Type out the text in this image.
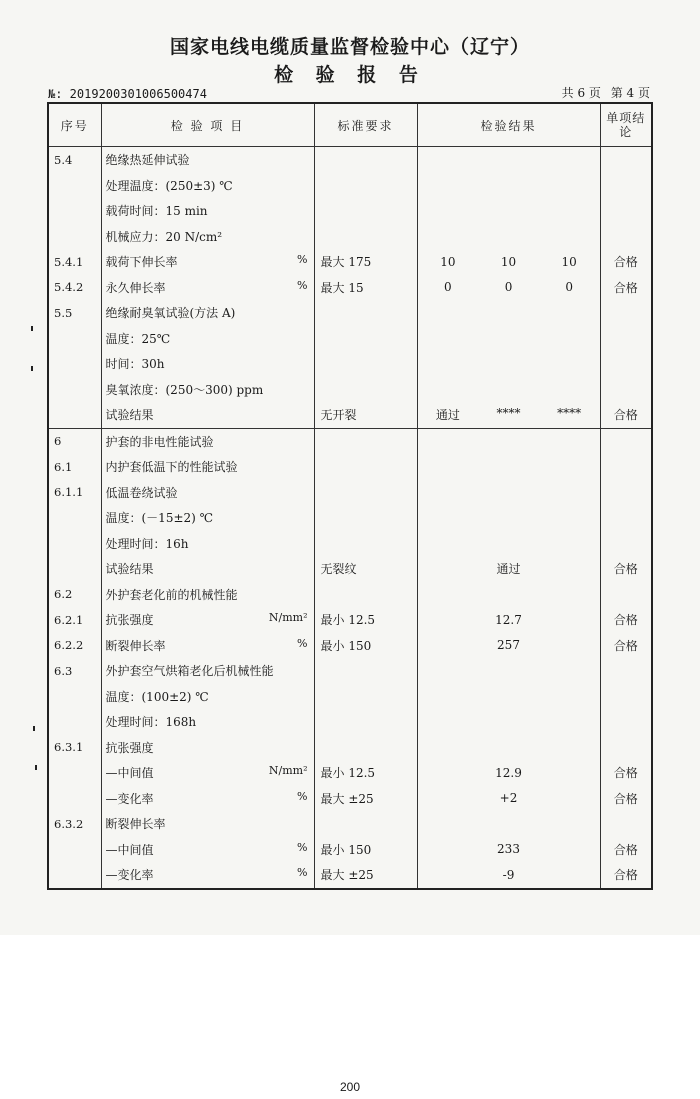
国家电线电缆质量监督检验中心（辽宁）
检 验 报 告
№: 2019200301006500474	共 6 页 第 4 页
序号	检 验 项 目	标准要求	检验结果	单项结论
5.4	绝缘热延伸试验			
	处理温度：(250±3) ℃			
	载荷时间：15 min			
	机械应力：20 N/cm²			
5.4.1	载荷下伸长率 %	最大 175	10 10 10	合格
5.4.2	永久伸长率 %	最大 15	0 0 0	合格
5.5	绝缘耐臭氧试验(方法 A)			
	温度：25℃			
	时间：30h			
	臭氧浓度：(250～300) ppm			
	试验结果	无开裂	通过 **** ****	合格
6	护套的非电性能试验			
6.1	内护套低温下的性能试验			
6.1.1	低温卷绕试验			
	温度：(－15±2) ℃			
	处理时间：16h			
	试验结果	无裂纹	通过	合格
6.2	外护套老化前的机械性能			
6.2.1	抗张强度 N/mm²	最小 12.5	12.7	合格
6.2.2	断裂伸长率 %	最小 150	257	合格
6.3	外护套空气烘箱老化后机械性能			
	温度：(100±2) ℃			
	处理时间：168h			
6.3.1	抗张强度			
	—中间值 N/mm²	最小 12.5	12.9	合格
	—变化率 %	最大 ±25	+2	合格
6.3.2	断裂伸长率			
	—中间值 %	最小 150	233	合格
	—变化率 %	最大 ±25	-9	合格
200
